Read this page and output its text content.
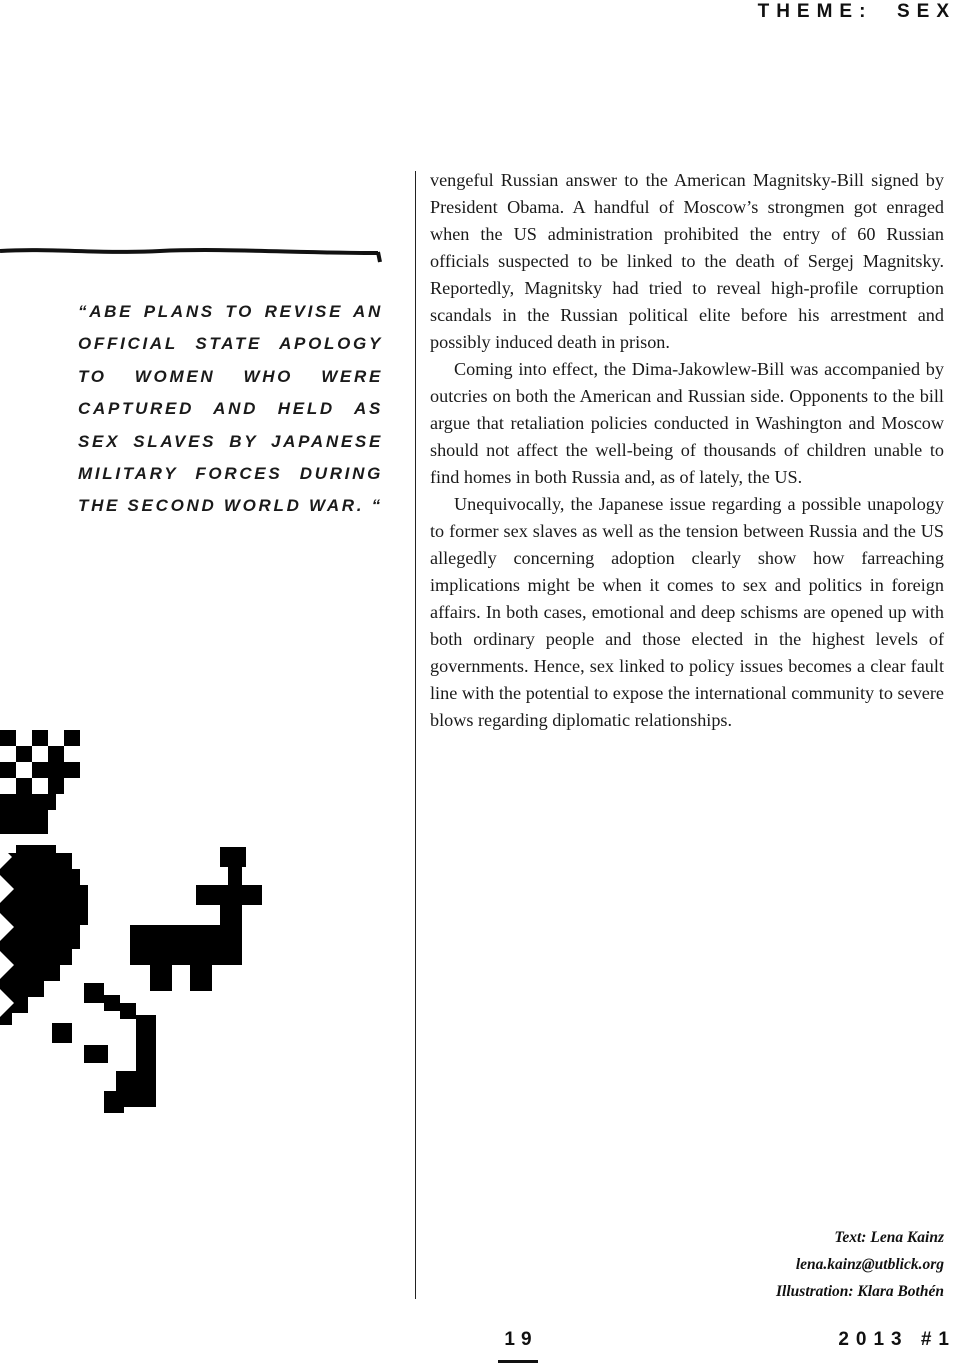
THEME:  SEX

“ABE PLANS TO REVISE AN OFFICIAL STATE APOLOGY TO WOMEN WHO WERE CAPTURED AND HELD AS SEX SLAVES BY JAPANESE MILITARY FORCES DURING THE SECOND WORLD WAR. “

vengeful Russian answer to the American Magnitsky-Bill signed by President Obama. A handful of Moscow’s strongmen got enraged when the US administration prohibited the entry of 60 Russian officials suspected to be linked to the death of Sergej Magnitsky. Reportedly, Magnitsky had tried to reveal high-profile corruption scandals in the Russian political elite before his arrestment and possibly induced death in prison.

Coming into effect, the Dima-Jakowlew-Bill was accompanied by outcries on both the American and Russian side. Opponents to the bill argue that retaliation policies conducted in Washington and Moscow should not affect the well-being of thousands of children unable to find homes in both Russia and, as of lately, the US.

Unequivocally, the Japanese issue regarding a possible unapology to former sex slaves as well as the tension between Russia and the US allegedly concerning adoption clearly show how farreaching implications might be when it comes to sex and politics in foreign affairs. In both cases, emotional and deep schisms are opened up with both ordinary people and those elected in the highest levels of governments. Hence, sex linked to policy issues becomes a clear fault line with the potential to expose the international community to severe blows regarding diplomatic relationships.

Text: Lena Kainz
lena.kainz@utblick.org
Illustration: Klara Bothén
19	2013 #1
